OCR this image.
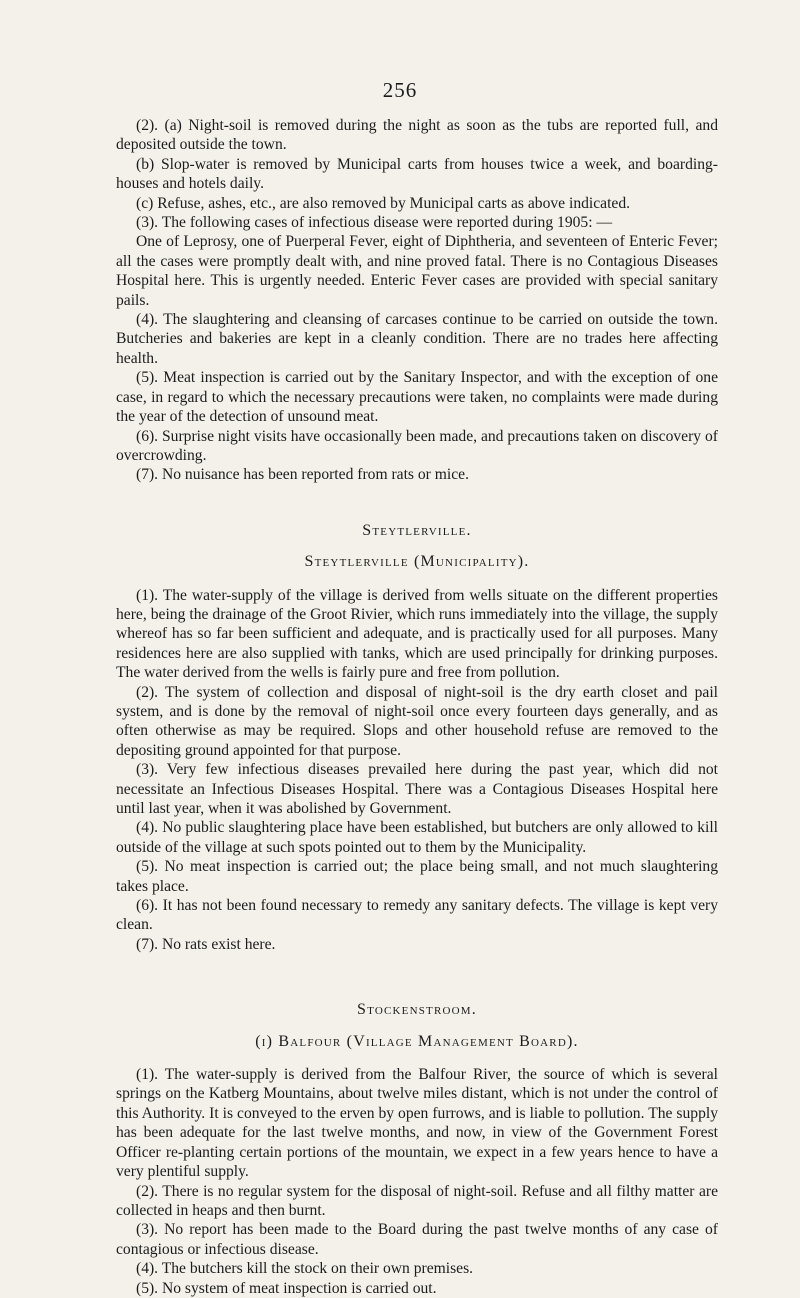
256

(2). (a) Night-soil is removed during the night as soon as the tubs are reported full, and deposited outside the town.

(b) Slop-water is removed by Municipal carts from houses twice a week, and boarding-houses and hotels daily.

(c) Refuse, ashes, etc., are also removed by Municipal carts as above indicated.

(3). The following cases of infectious disease were reported during 1905: —

One of Leprosy, one of Puerperal Fever, eight of Diphtheria, and seventeen of Enteric Fever; all the cases were promptly dealt with, and nine proved fatal. There is no Contagious Diseases Hospital here. This is urgently needed. Enteric Fever cases are provided with special sanitary pails.

(4). The slaughtering and cleansing of carcases continue to be carried on outside the town. Butcheries and bakeries are kept in a cleanly condition. There are no trades here affecting health.

(5). Meat inspection is carried out by the Sanitary Inspector, and with the exception of one case, in regard to which the necessary precautions were taken, no complaints were made during the year of the detection of unsound meat.

(6). Surprise night visits have occasionally been made, and precautions taken on discovery of overcrowding.

(7). No nuisance has been reported from rats or mice.

Steytlerville.
Steytlerville (Municipality).

(1). The water-supply of the village is derived from wells situate on the different properties here, being the drainage of the Groot Rivier, which runs immediately into the village, the supply whereof has so far been sufficient and adequate, and is practically used for all purposes. Many residences here are also supplied with tanks, which are used principally for drinking purposes. The water derived from the wells is fairly pure and free from pollution.

(2). The system of collection and disposal of night-soil is the dry earth closet and pail system, and is done by the removal of night-soil once every fourteen days generally, and as often otherwise as may be required. Slops and other household refuse are removed to the depositing ground appointed for that purpose.

(3). Very few infectious diseases prevailed here during the past year, which did not necessitate an Infectious Diseases Hospital. There was a Contagious Diseases Hospital here until last year, when it was abolished by Government.

(4). No public slaughtering place have been established, but butchers are only allowed to kill outside of the village at such spots pointed out to them by the Municipality.

(5). No meat inspection is carried out; the place being small, and not much slaughtering takes place.

(6). It has not been found necessary to remedy any sanitary defects. The village is kept very clean.

(7). No rats exist here.

Stockenstroom.
(i) Balfour (Village Management Board).

(1). The water-supply is derived from the Balfour River, the source of which is several springs on the Katberg Mountains, about twelve miles distant, which is not under the control of this Authority. It is conveyed to the erven by open furrows, and is liable to pollution. The supply has been adequate for the last twelve months, and now, in view of the Government Forest Officer re-planting certain portions of the mountain, we expect in a few years hence to have a very plentiful supply.

(2). There is no regular system for the disposal of night-soil. Refuse and all filthy matter are collected in heaps and then burnt.

(3). No report has been made to the Board during the past twelve months of any case of contagious or infectious disease.

(4). The butchers kill the stock on their own premises.

(5). No system of meat inspection is carried out.
